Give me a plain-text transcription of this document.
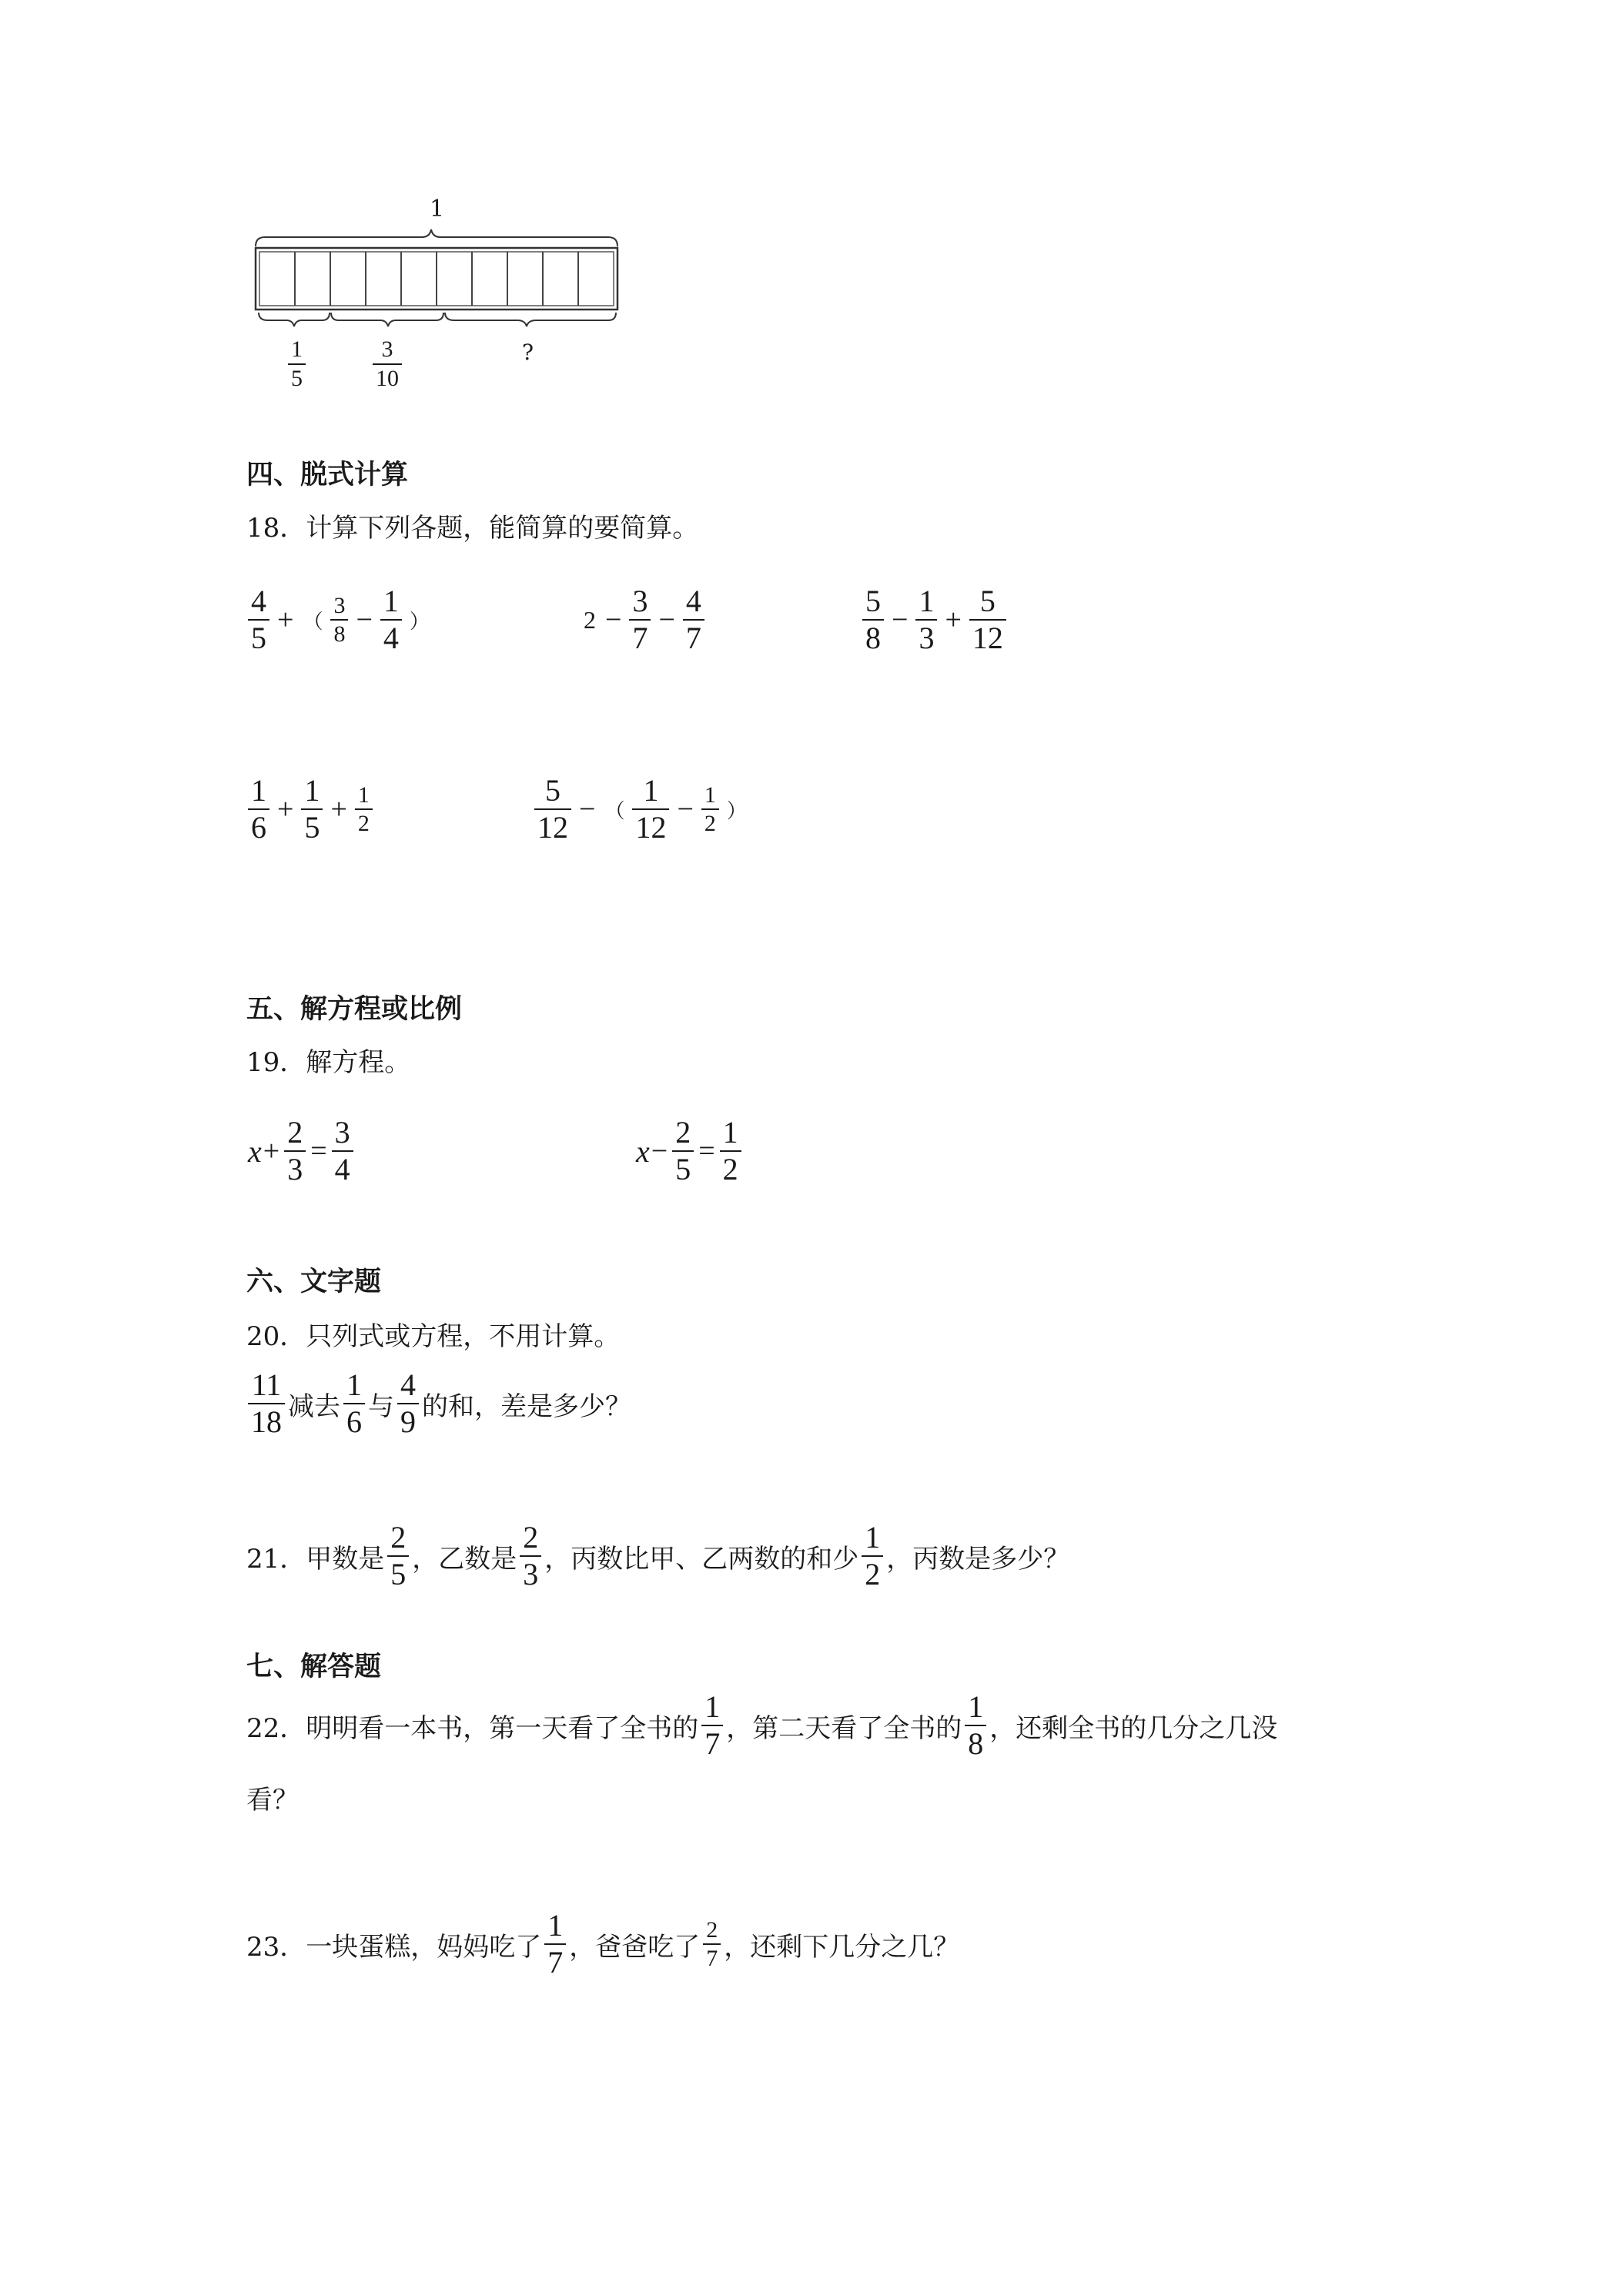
1
$\frac{1}{5}$	$\frac{3}{10}$	?
四、脱式计算
18．计算下列各题，能简算的要简算。
$\frac{4}{5}$ + （ $\frac{3}{8} - \frac{1}{4}$ ）	$2 - \frac{3}{7} - \frac{4}{7}$	$\frac{5}{8} - \frac{1}{3} + \frac{5}{12}$
$\frac{1}{6} + \frac{1}{5} + \frac{1}{2}$	$\frac{5}{12}$ − （ $\frac{1}{12} - \frac{1}{2}$ ）
五、解方程或比例
19．解方程。
$x + \frac{2}{3} = \frac{3}{4}$	$x - \frac{2}{5} = \frac{1}{2}$
六、文字题
20．只列式或方程，不用计算。
$\frac{11}{18}$ 减去 $\frac{1}{6}$ 与 $\frac{4}{9}$ 的和，差是多少？
21．甲数是 $\frac{2}{5}$ ，乙数是 $\frac{2}{3}$ ，丙数比甲、乙两数的和少 $\frac{1}{2}$ ，丙数是多少？
七、解答题
22．明明看一本书，第一天看了全书的 $\frac{1}{7}$ ，第二天看了全书的 $\frac{1}{8}$ ，还剩全书的几分之几没
看？
23．一块蛋糕，妈妈吃了 $\frac{1}{7}$ ，爸爸吃了 $\frac{2}{7}$ ，还剩下几分之几？
